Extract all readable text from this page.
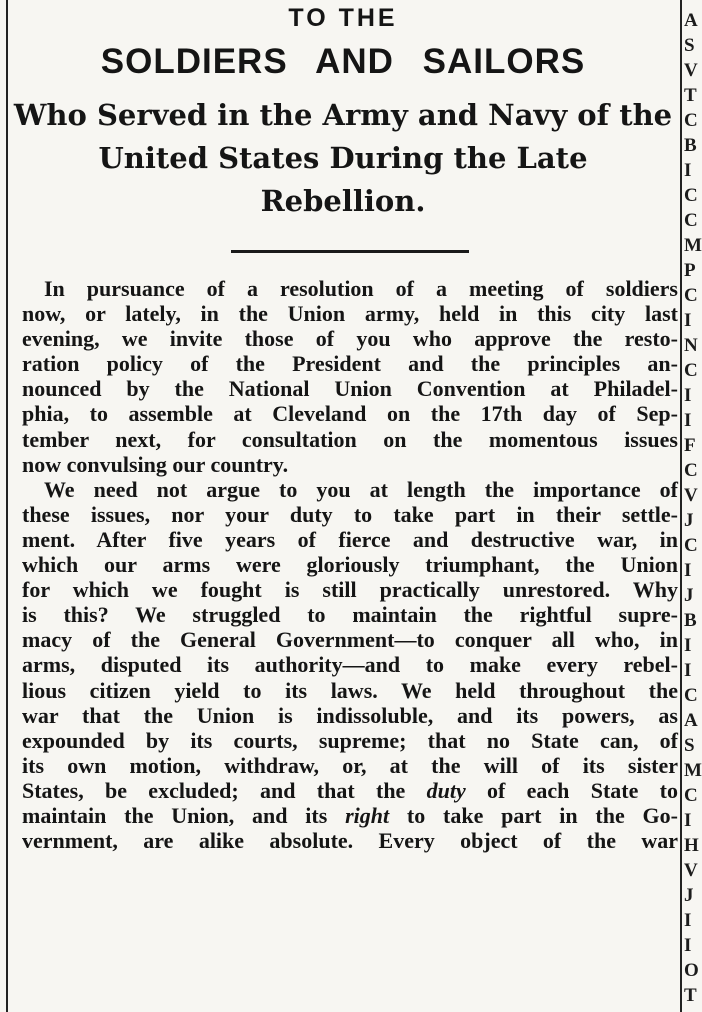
A
S
V
T
C
B
I
C
C
M
P
C
I
N
C
I
I
F
C
V
J
C
I
J
B
I
I
C
A
S
M
C
I
H
V
J
I
I
O
T
TO THE
SOLDIERS AND SAILORS
Who Served in the Army and Navy of the
United States During the Late
Rebellion.
In pursuance of a resolution of a meeting of soldiers
now, or lately, in the Union army, held in this city last
evening, we invite those of you who approve the resto-
ration policy of the President and the principles an-
nounced by the National Union Convention at Philadel-
phia, to assemble at Cleveland on the 17th day of Sep-
tember next, for consultation on the momentous issues
now convulsing our country.
We need not argue to you at length the importance of
these issues, nor your duty to take part in their settle-
ment. After five years of fierce and destructive war, in
which our arms were gloriously triumphant, the Union
for which we fought is still practically unrestored. Why
is this? We struggled to maintain the rightful supre-
macy of the General Government—to conquer all who, in
arms, disputed its authority—and to make every rebel-
lious citizen yield to its laws. We held throughout the
war that the Union is indissoluble, and its powers, as
expounded by its courts, supreme; that no State can, of
its own motion, withdraw, or, at the will of its sister
States, be excluded; and that the duty of each State to
maintain the Union, and its right to take part in the Go-
vernment, are alike absolute. Every object of the war
